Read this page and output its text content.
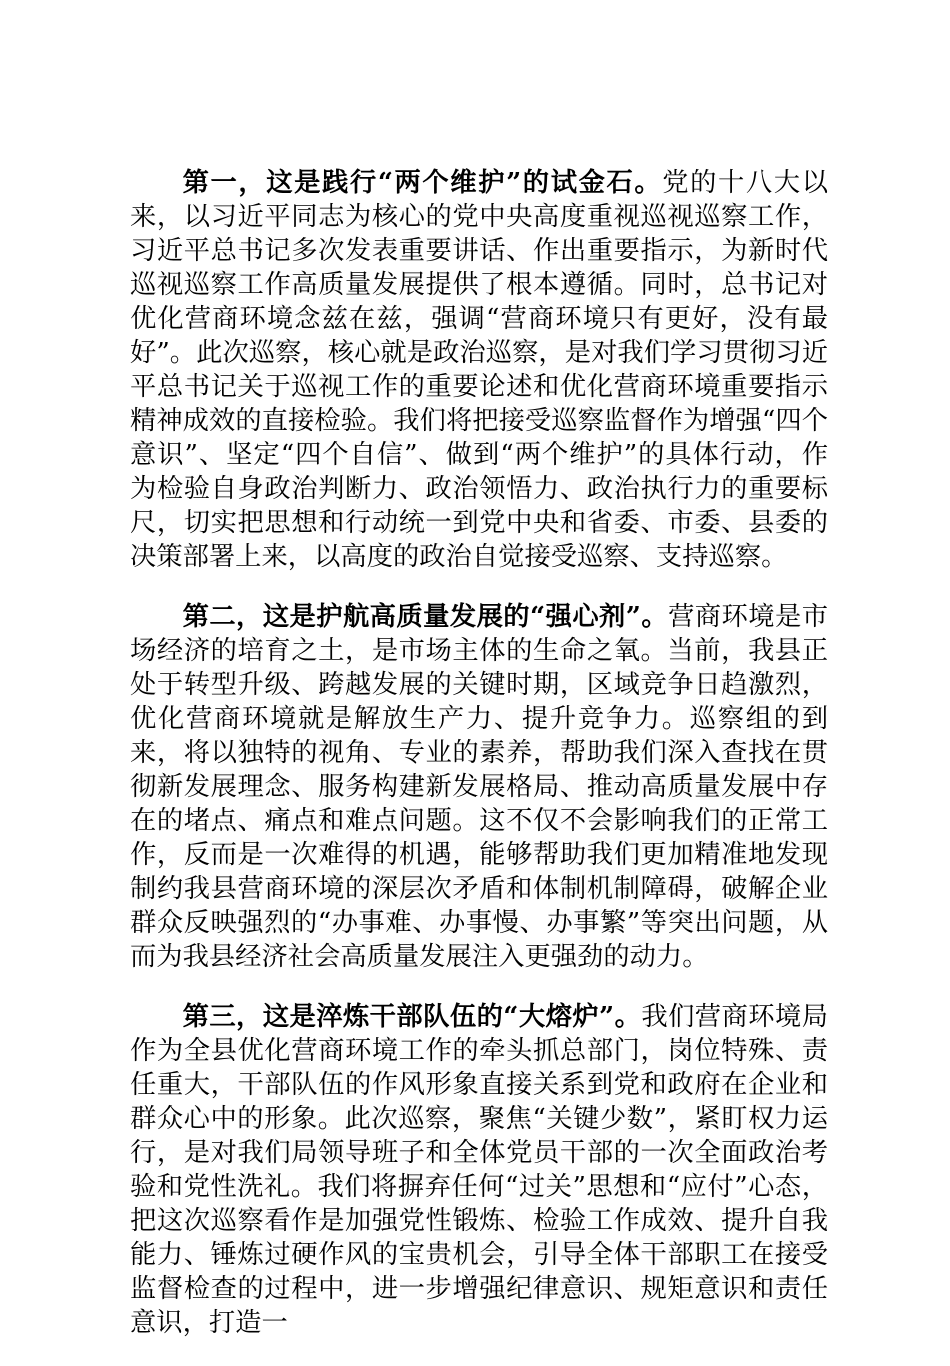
第一，这是践行“两个维护”的试金石。党的十八大以来，以习近平同志为核心的党中央高度重视巡视巡察工作，习近平总书记多次发表重要讲话、作出重要指示，为新时代巡视巡察工作高质量发展提供了根本遵循。同时，总书记对优化营商环境念兹在兹，强调“营商环境只有更好，没有最好”。此次巡察，核心就是政治巡察，是对我们学习贯彻习近平总书记关于巡视工作的重要论述和优化营商环境重要指示精神成效的直接检验。我们将把接受巡察监督作为增强“四个意识”、坚定“四个自信”、做到“两个维护”的具体行动，作为检验自身政治判断力、政治领悟力、政治执行力的重要标尺，切实把思想和行动统一到党中央和省委、市委、县委的决策部署上来，以高度的政治自觉接受巡察、支持巡察。

第二，这是护航高质量发展的“强心剂”。营商环境是市场经济的培育之土，是市场主体的生命之氧。当前，我县正处于转型升级、跨越发展的关键时期，区域竞争日趋激烈，优化营商环境就是解放生产力、提升竞争力。巡察组的到来，将以独特的视角、专业的素养，帮助我们深入查找在贯彻新发展理念、服务构建新发展格局、推动高质量发展中存在的堵点、痛点和难点问题。这不仅不会影响我们的正常工作，反而是一次难得的机遇，能够帮助我们更加精准地发现制约我县营商环境的深层次矛盾和体制机制障碍，破解企业群众反映强烈的“办事难、办事慢、办事繁”等突出问题，从而为我县经济社会高质量发展注入更强劲的动力。

第三，这是淬炼干部队伍的“大熔炉”。我们营商环境局作为全县优化营商环境工作的牵头抓总部门，岗位特殊、责任重大，干部队伍的作风形象直接关系到党和政府在企业和群众心中的形象。此次巡察，聚焦“关键少数”，紧盯权力运行，是对我们局领导班子和全体党员干部的一次全面政治考验和党性洗礼。我们将摒弃任何“过关”思想和“应付”心态，把这次巡察看作是加强党性锻炼、检验工作成效、提升自我能力、锤炼过硬作风的宝贵机会，引导全体干部职工在接受监督检查的过程中，进一步增强纪律意识、规矩意识和责任意识，打造一
